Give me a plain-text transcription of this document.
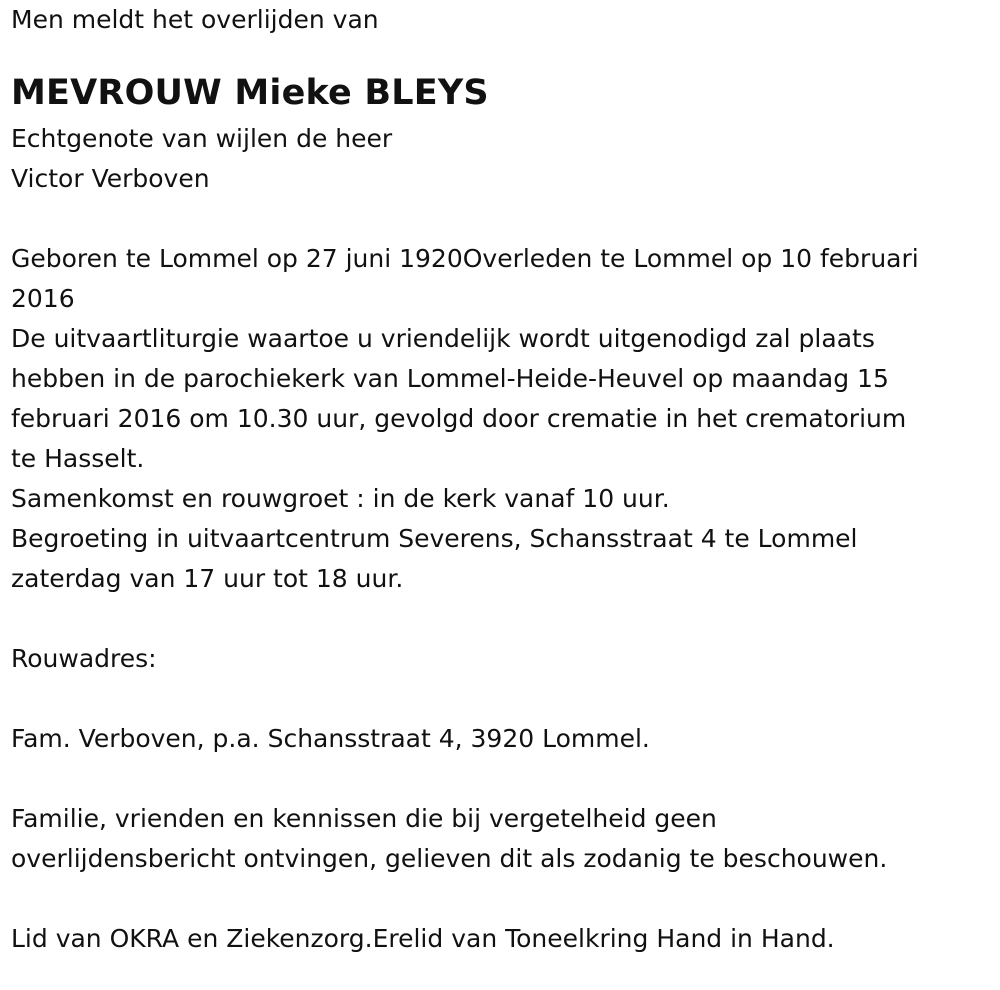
Men meldt het overlijden van
MEVROUW Mieke BLEYS
Echtgenote van wijlen de heer
Victor Verboven
Geboren te Lommel op 27 juni 1920Overleden te Lommel op 10 februari
2016
De uitvaartliturgie waartoe u vriendelijk wordt uitgenodigd zal plaats
hebben in de parochiekerk van Lommel-Heide-Heuvel op maandag 15
februari 2016 om 10.30 uur, gevolgd door crematie in het crematorium
te Hasselt.
Samenkomst en rouwgroet : in de kerk vanaf 10 uur.
Begroeting in uitvaartcentrum Severens, Schansstraat 4 te Lommel
zaterdag van 17 uur tot 18 uur.
Rouwadres:
Fam. Verboven, p.a. Schansstraat 4, 3920 Lommel.
Familie, vrienden en kennissen die bij vergetelheid geen
overlijdensbericht ontvingen, gelieven dit als zodanig te beschouwen.
Lid van OKRA en Ziekenzorg.Erelid van Toneelkring Hand in Hand.
